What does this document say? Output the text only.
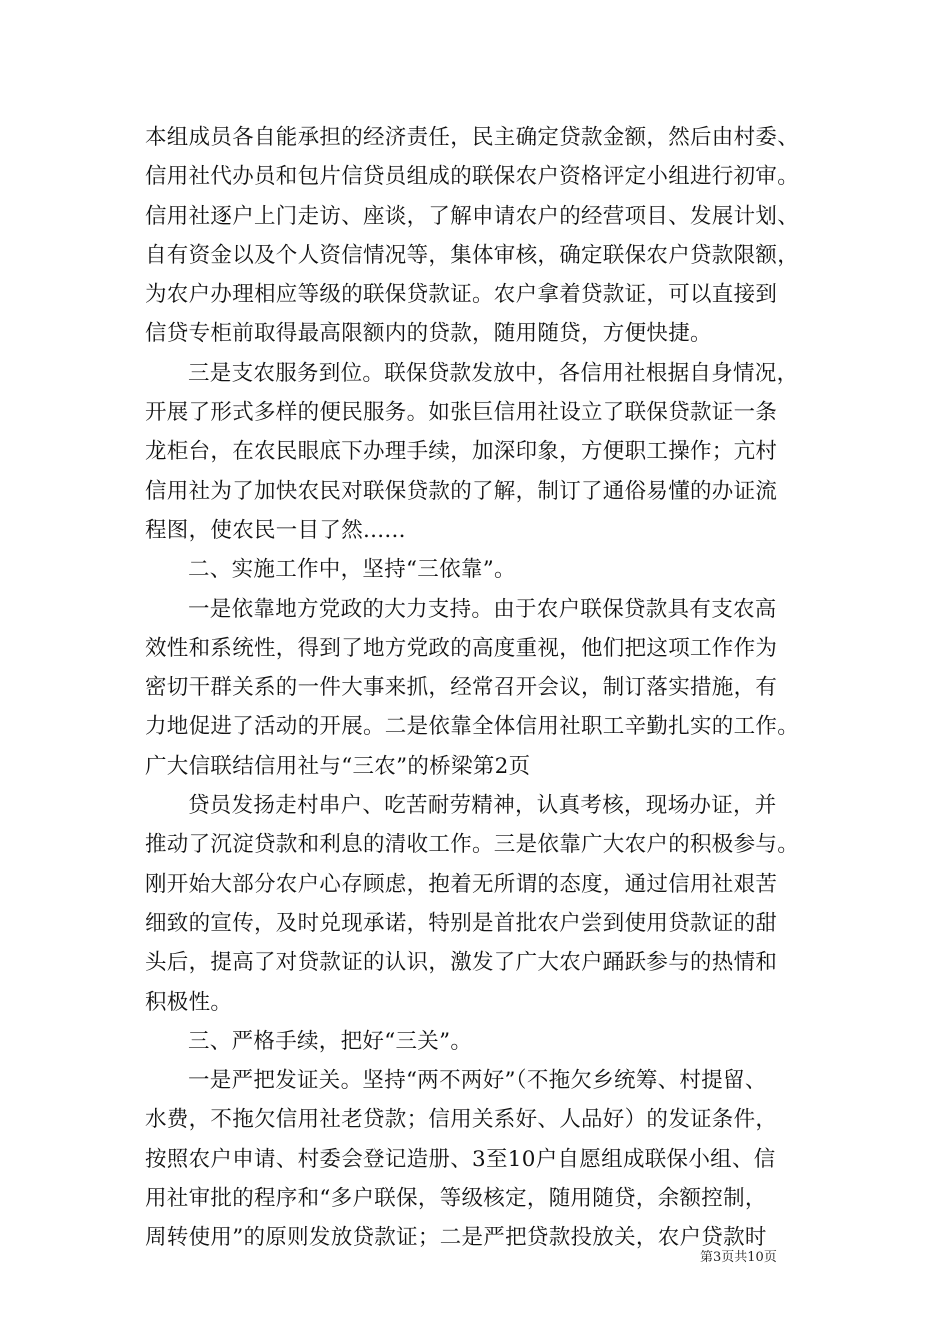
本组成员各自能承担的经济责任，民主确定贷款金额，然后由村委、
信用社代办员和包片信贷员组成的联保农户资格评定小组进行初审。
信用社逐户上门走访、座谈，了解申请农户的经营项目、发展计划、
自有资金以及个人资信情况等，集体审核，确定联保农户贷款限额，
为农户办理相应等级的联保贷款证。农户拿着贷款证，可以直接到
信贷专柜前取得最高限额内的贷款，随用随贷，方便快捷。
三是支农服务到位。联保贷款发放中，各信用社根据自身情况，
开展了形式多样的便民服务。如张巨信用社设立了联保贷款证一条
龙柜台，在农民眼底下办理手续，加深印象，方便职工操作；亢村
信用社为了加快农民对联保贷款的了解，制订了通俗易懂的办证流
程图，使农民一目了然......
二、实施工作中，坚持“三依靠”。
一是依靠地方党政的大力支持。由于农户联保贷款具有支农高
效性和系统性，得到了地方党政的高度重视，他们把这项工作作为
密切干群关系的一件大事来抓，经常召开会议，制订落实措施，有
力地促进了活动的开展。二是依靠全体信用社职工辛勤扎实的工作。
广大信联结信用社与“三农”的桥梁第2页
贷员发扬走村串户、吃苦耐劳精神，认真考核，现场办证，并
推动了沉淀贷款和利息的清收工作。三是依靠广大农户的积极参与。
刚开始大部分农户心存顾虑，抱着无所谓的态度，通过信用社艰苦
细致的宣传，及时兑现承诺，特别是首批农户尝到使用贷款证的甜
头后，提高了对贷款证的认识，激发了广大农户踊跃参与的热情和
积极性。
三、严格手续，把好“三关”。
一是严把发证关。坚持“两不两好”（不拖欠乡统筹、村提留、
水费，不拖欠信用社老贷款；信用关系好、人品好）的发证条件，
按照农户申请、村委会登记造册、3至10户自愿组成联保小组、信
用社审批的程序和“多户联保，等级核定，随用随贷，余额控制，
周转使用”的原则发放贷款证；二是严把贷款投放关，农户贷款时
第3页共10页
